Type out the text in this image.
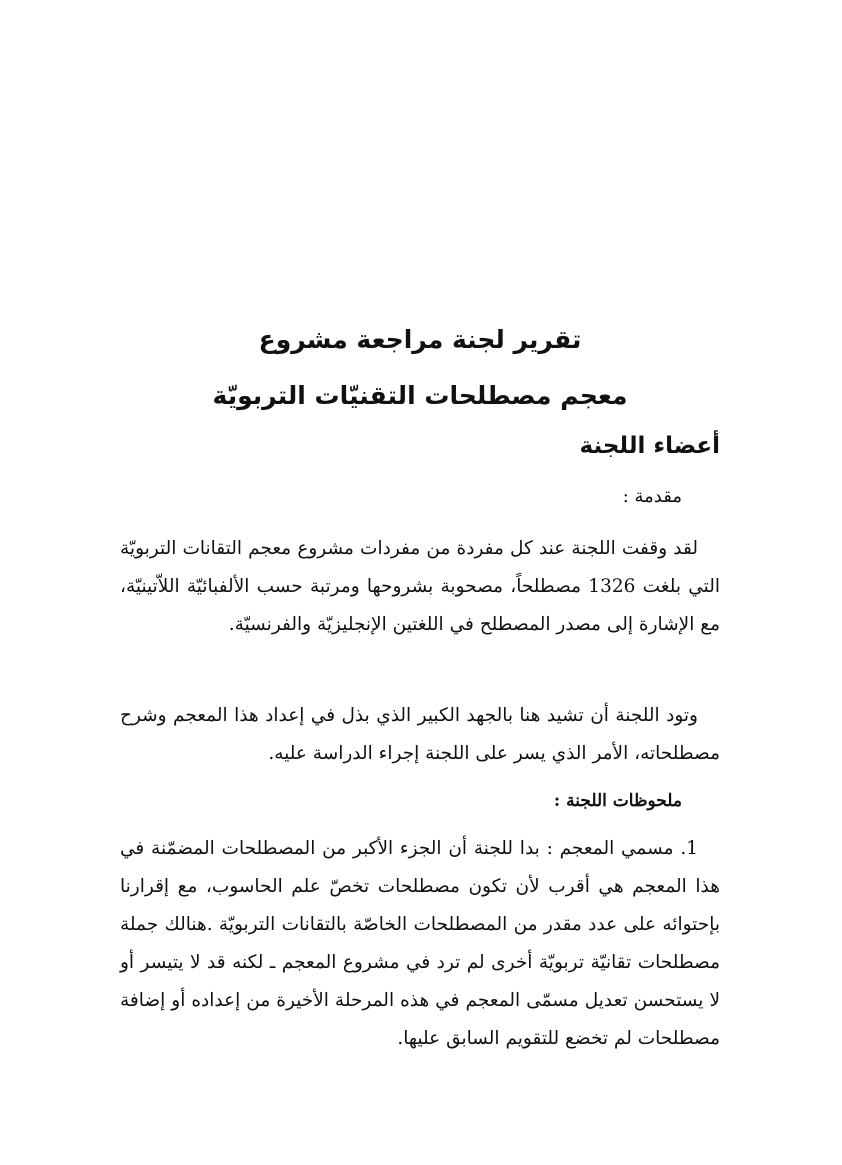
تقرير لجنة مراجعة مشروع

معجم مصطلحات التقنيّات التربويّة

أعضاء اللجنة

مقدمة :

لقد وقفت اللجنة عند كل مفردة من مفردات مشروع معجم التقانات التربويّة التي بلغت 1326 مصطلحاً، مصحوبة بشروحها ومرتبة حسب الألفبائيّة اللاّتينيّة، مع الإشارة إلى مصدر المصطلح في اللغتين الإنجليزيّة والفرنسيّة.

وتود اللجنة أن تشيد هنا بالجهد الكبير الذي بذل في إعداد هذا المعجم وشرح مصطلحاته، الأمر الذي يسر على اللجنة إجراء الدراسة عليه.

ملحوظات اللجنة :

1. مسمي المعجم : بدا للجنة أن الجزء الأكبر من المصطلحات المضمّنة في هذا المعجم هي أقرب لأن تكون مصطلحات تخصّ علم الحاسوب، مع إقرارنا بإحتوائه على عدد مقدر من المصطلحات الخاصّة بالتقانات التربويّة .هنالك جملة مصطلحات تقانيّة تربويّة أخرى لم ترد في مشروع المعجم ـ لكنه قد لا يتيسر أو لا يستحسن تعديل مسمّى المعجم في هذه المرحلة الأخيرة من إعداده أو إضافة مصطلحات لم تخضع للتقويم السابق عليها.
